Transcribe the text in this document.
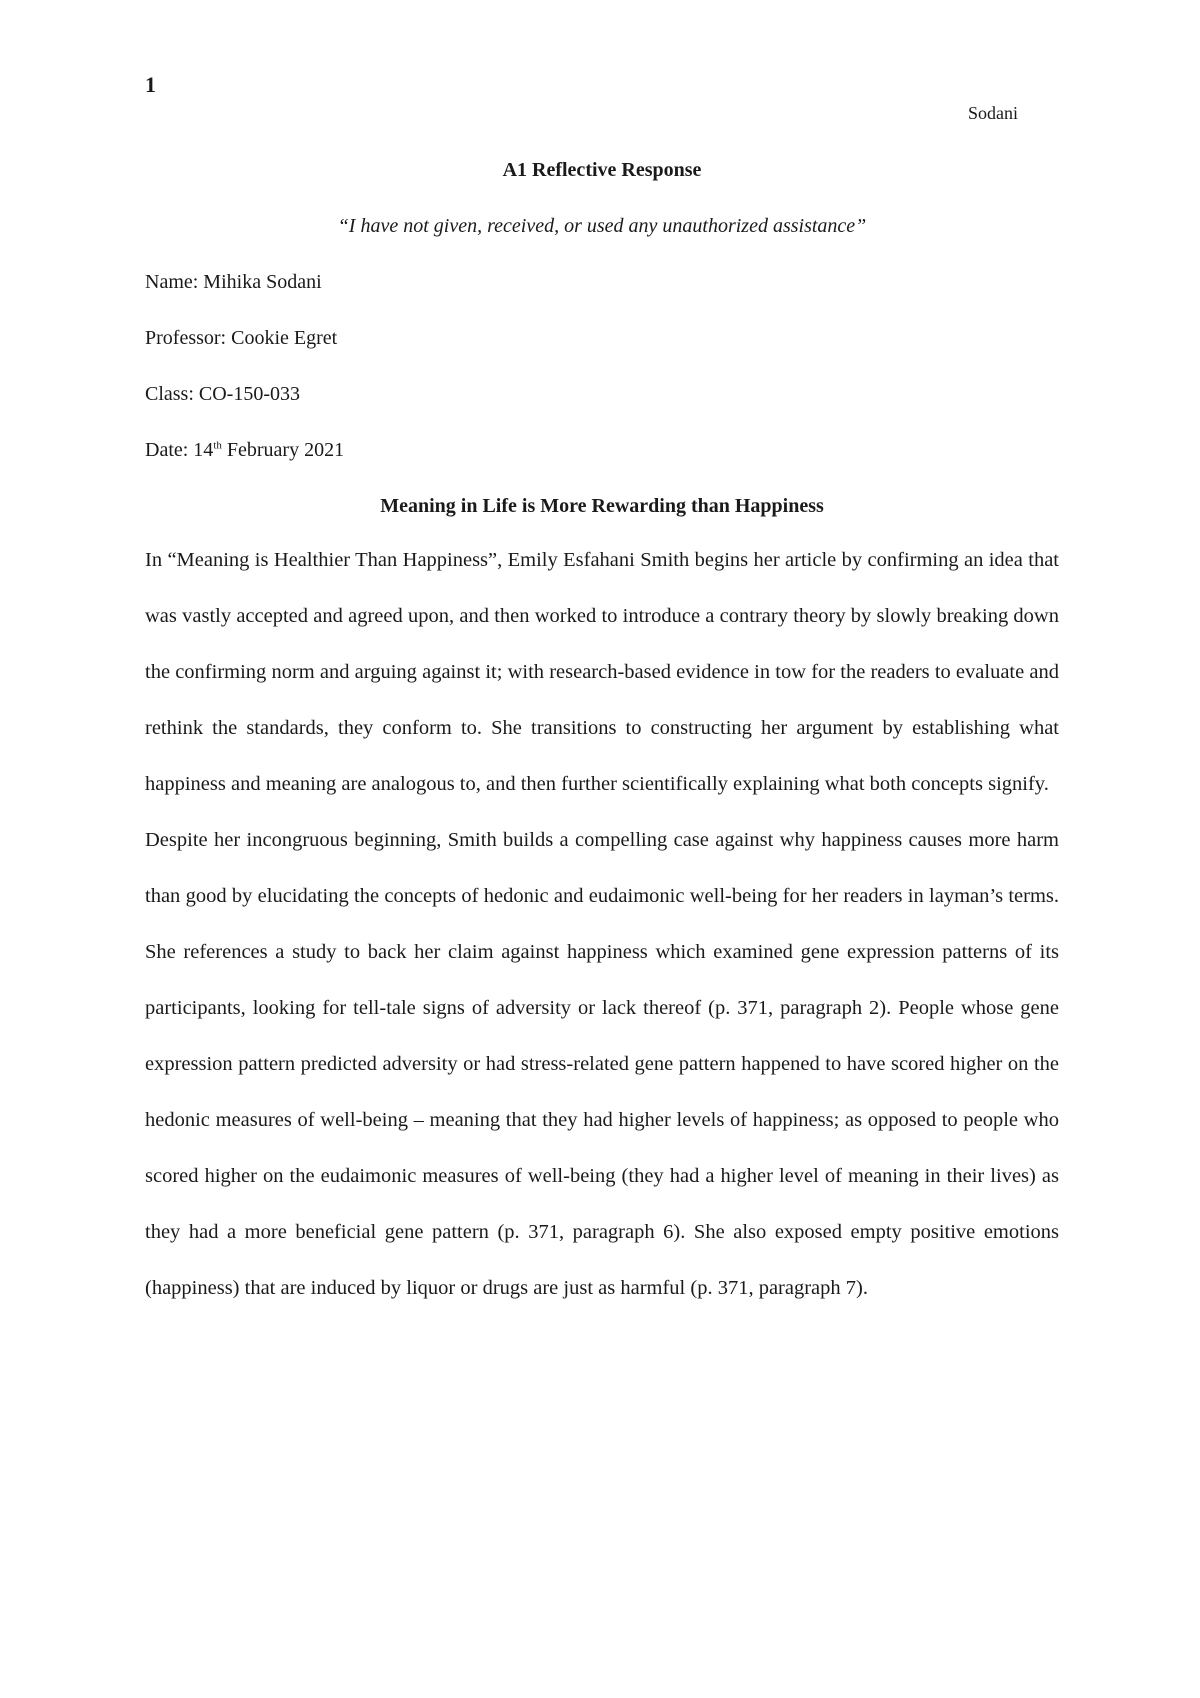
1
Sodani

A1 Reflective Response

“I have not given, received, or used any unauthorized assistance”

Name: Mihika Sodani

Professor: Cookie Egret

Class: CO-150-033

Date: 14th February 2021

Meaning in Life is More Rewarding than Happiness

In “Meaning is Healthier Than Happiness”, Emily Esfahani Smith begins her article by confirming an idea that was vastly accepted and agreed upon, and then worked to introduce a contrary theory by slowly breaking down the confirming norm and arguing against it; with research-based evidence in tow for the readers to evaluate and rethink the standards, they conform to. She transitions to constructing her argument by establishing what happiness and meaning are analogous to, and then further scientifically explaining what both concepts signify.

Despite her incongruous beginning, Smith builds a compelling case against why happiness causes more harm than good by elucidating the concepts of hedonic and eudaimonic well-being for her readers in layman’s terms. She references a study to back her claim against happiness which examined gene expression patterns of its participants, looking for tell-tale signs of adversity or lack thereof (p. 371, paragraph 2). People whose gene expression pattern predicted adversity or had stress-related gene pattern happened to have scored higher on the hedonic measures of well-being – meaning that they had higher levels of happiness; as opposed to people who scored higher on the eudaimonic measures of well-being (they had a higher level of meaning in their lives) as they had a more beneficial gene pattern (p. 371, paragraph 6). She also exposed empty positive emotions (happiness) that are induced by liquor or drugs are just as harmful (p. 371, paragraph 7).
